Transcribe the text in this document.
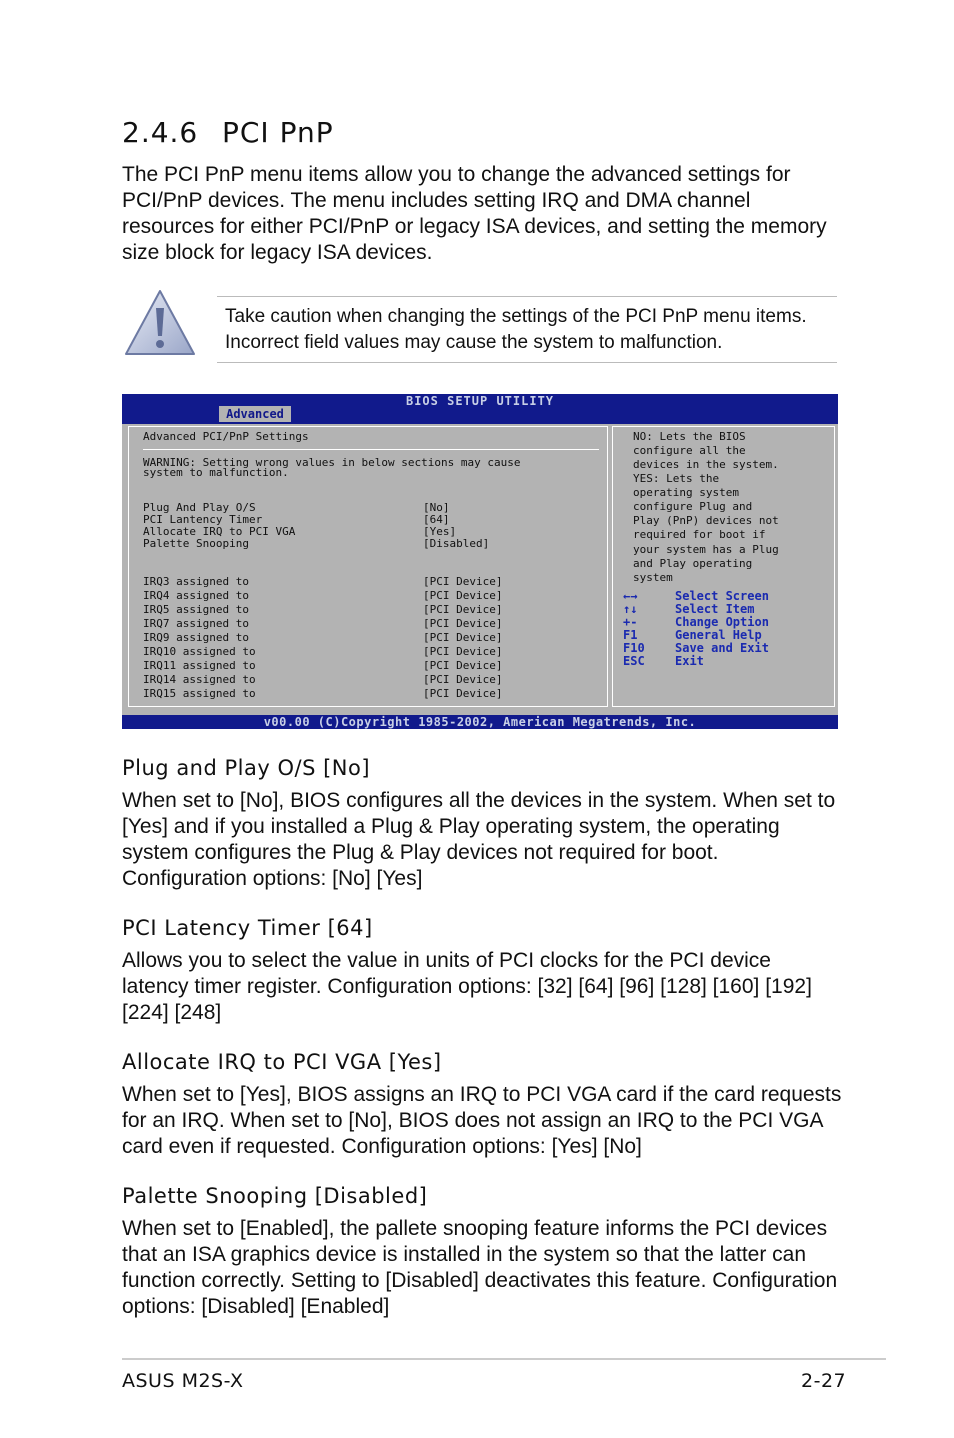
2.4.6 PCI PnP

The PCI PnP menu items allow you to change the advanced settings for PCI/PnP devices. The menu includes setting IRQ and DMA channel resources for either PCI/PnP or legacy ISA devices, and setting the memory size block for legacy ISA devices.

Take caution when changing the settings of the PCI PnP menu items. Incorrect field values may cause the system to malfunction.
BIOS SETUP UTILITY
Advanced
Advanced PCI/PnP Settings
WARNING: Setting wrong values in below sections may cause
system to malfunction.
Plug And Play O/S	[No]
PCI Lantency Timer	[64]
Allocate IRQ to PCI VGA	[Yes]
Palette Snooping	[Disabled]
IRQ3 assigned to	[PCI Device]
IRQ4 assigned to	[PCI Device]
IRQ5 assigned to	[PCI Device]
IRQ7 assigned to	[PCI Device]
IRQ9 assigned to	[PCI Device]
IRQ10 assigned to	[PCI Device]
IRQ11 assigned to	[PCI Device]
IRQ14 assigned to	[PCI Device]
IRQ15 assigned to	[PCI Device]
NO: Lets the BIOS
configure all the
devices in the system.
YES: Lets the
operating system
configure Plug and
Play (PnP) devices not
required for boot if
your system has a Plug
and Play operating
system
←→	Select Screen
↑↓	Select Item
+-	Change Option
F1	General Help
F10	Save and Exit
ESC	Exit
v00.00 (C)Copyright 1985-2002, American Megatrends, Inc.
Plug and Play O/S [No]

When set to [No], BIOS configures all the devices in the system. When set to [Yes] and if you installed a Plug & Play operating system, the operating system configures the Plug & Play devices not required for boot. Configuration options: [No] [Yes]

PCI Latency Timer [64]

Allows you to select the value in units of PCI clocks for the PCI device latency timer register. Configuration options: [32] [64] [96] [128] [160] [192] [224] [248]

Allocate IRQ to PCI VGA [Yes]

When set to [Yes], BIOS assigns an IRQ to PCI VGA card if the card requests for an IRQ. When set to [No], BIOS does not assign an IRQ to the PCI VGA card even if requested. Configuration options: [Yes] [No]

Palette Snooping [Disabled]

When set to [Enabled], the pallete snooping feature informs the PCI devices that an ISA graphics device is installed in the system so that the latter can function correctly. Setting to [Disabled] deactivates this feature. Configuration options: [Disabled] [Enabled]

ASUS M2S-X	2-27
